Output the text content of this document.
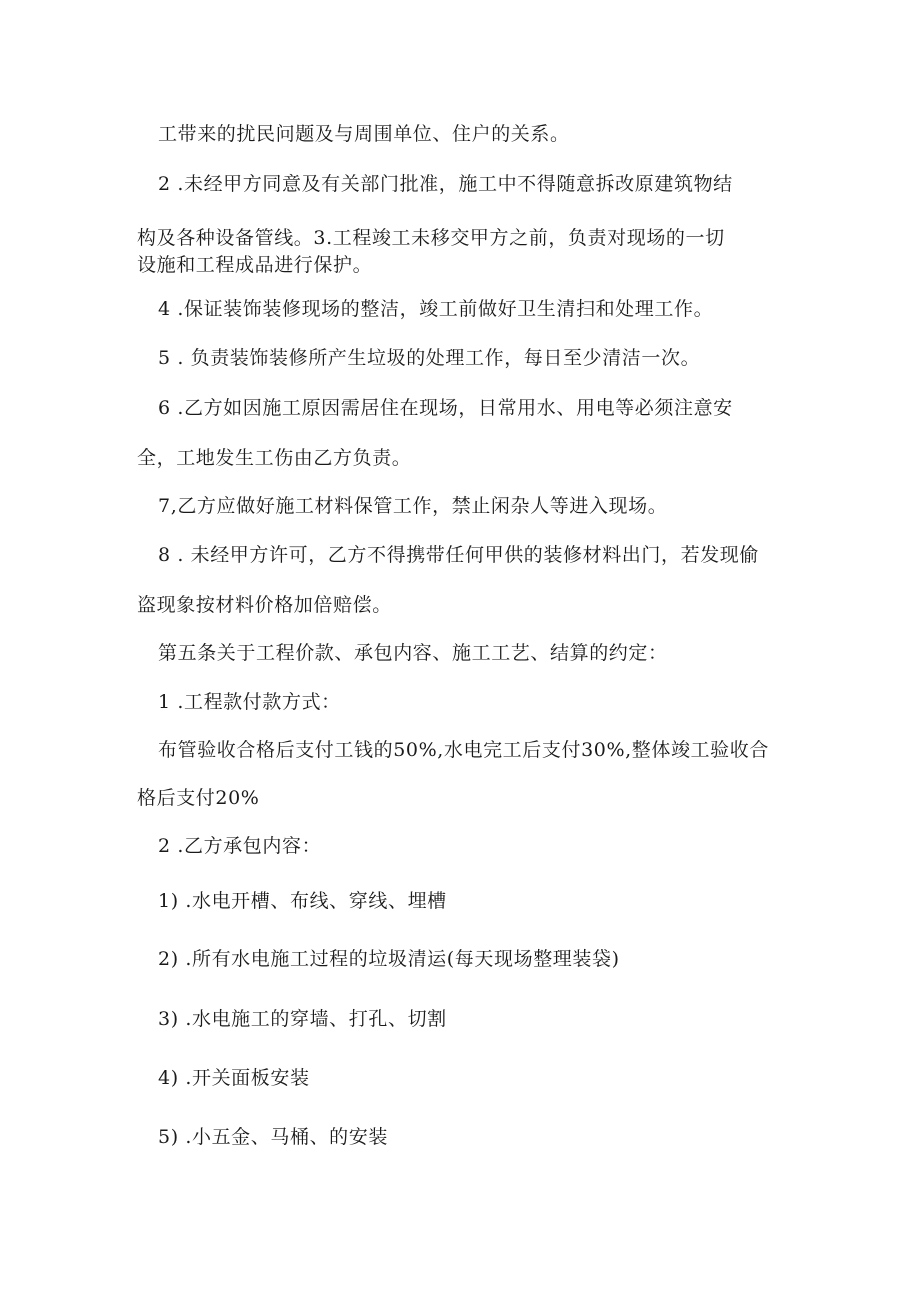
工带来的扰民问题及与周围单位、住户的关系。
2 .未经甲方同意及有关部门批准，施工中不得随意拆改原建筑物结
构及各种设备管线。3.工程竣工未移交甲方之前，负责对现场的一切
设施和工程成品进行保护。
4 .保证装饰装修现场的整洁，竣工前做好卫生清扫和处理工作。
5 . 负责装饰装修所产生垃圾的处理工作，每日至少清洁一次。
6 .乙方如因施工原因需居住在现场，日常用水、用电等必须注意安
全，工地发生工伤由乙方负责。
7,乙方应做好施工材料保管工作，禁止闲杂人等进入现场。
8 . 未经甲方许可，乙方不得携带任何甲供的装修材料出门，若发现偷
盗现象按材料价格加倍赔偿。
第五条关于工程价款、承包内容、施工工艺、结算的约定：
1 .工程款付款方式：
布管验收合格后支付工钱的50%,水电完工后支付30%,整体竣工验收合
格后支付20%
2 .乙方承包内容：
1) .水电开槽、布线、穿线、埋槽
2) .所有水电施工过程的垃圾清运(每天现场整理装袋)
3) .水电施工的穿墙、打孔、切割
4) .开关面板安装
5) .小五金、马桶、的安装
